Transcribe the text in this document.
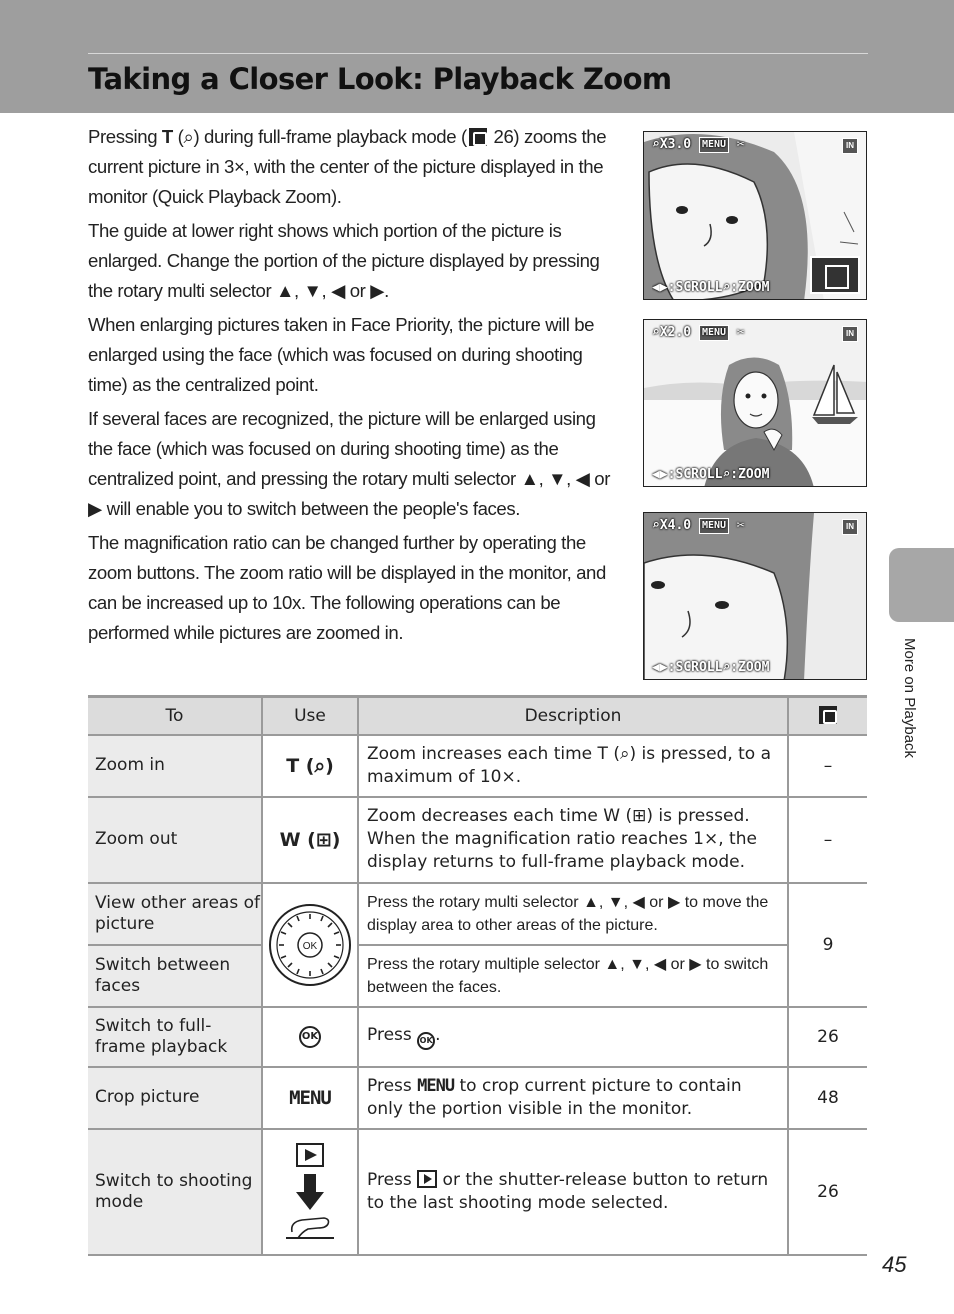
Taking a Closer Look: Playback Zoom

Pressing T (⌕) during full-frame playback mode ( 26) zooms the current picture in 3×, with the center of the picture displayed in the monitor (Quick Playback Zoom).

The guide at lower right shows which portion of the picture is enlarged. Change the portion of the picture displayed by pressing the rotary multi selector ▲, ▼, ◀ or ▶.

When enlarging pictures taken in Face Priority, the picture will be enlarged using the face (which was focused on during shooting time) as the centralized point.

If several faces are recognized, the picture will be enlarged using the face (which was focused on during shooting time) as the centralized point, and pressing the rotary multi selector ▲, ▼, ◀ or ▶ will enable you to switch between the people's faces.

The magnification ratio can be changed further by operating the zoom buttons. The zoom ratio will be displayed in the monitor, and can be increased up to 10x. The following operations can be performed while pictures are zoomed in.

⌕X3.0 MENU ✂	IN
◀▶:SCROLL⌕:ZOOM
⌕X2.0 MENU ✂	IN
◀▶:SCROLL⌕:ZOOM
⌕X4.0 MENU ✂	IN
◀▶:SCROLL⌕:ZOOM	More on Playback
To	Use	Description	
Zoom in	T (⌕)	Zoom increases each time T (⌕) is pressed, to a maximum of 10×.	–
Zoom out	W (⊞)	Zoom decreases each time W (⊞) is pressed. When the magnification ratio reaches 1×, the display returns to full-frame playback mode.	–
View other areas of picture	OK	Press the rotary multi selector ▲, ▼, ◀ or ▶ to move the display area to other areas of the picture.	9
Switch between faces		Press the rotary multiple selector ▲, ▼, ◀ or ▶ to switch between the faces.	
Switch to full-frame playback	OK	Press OK .	26
Crop picture	MENU	Press MENU to crop current picture to contain only the portion visible in the monitor.	48
Switch to shooting mode		Press  or the shutter-release button to return to the last shooting mode selected.	26
45
